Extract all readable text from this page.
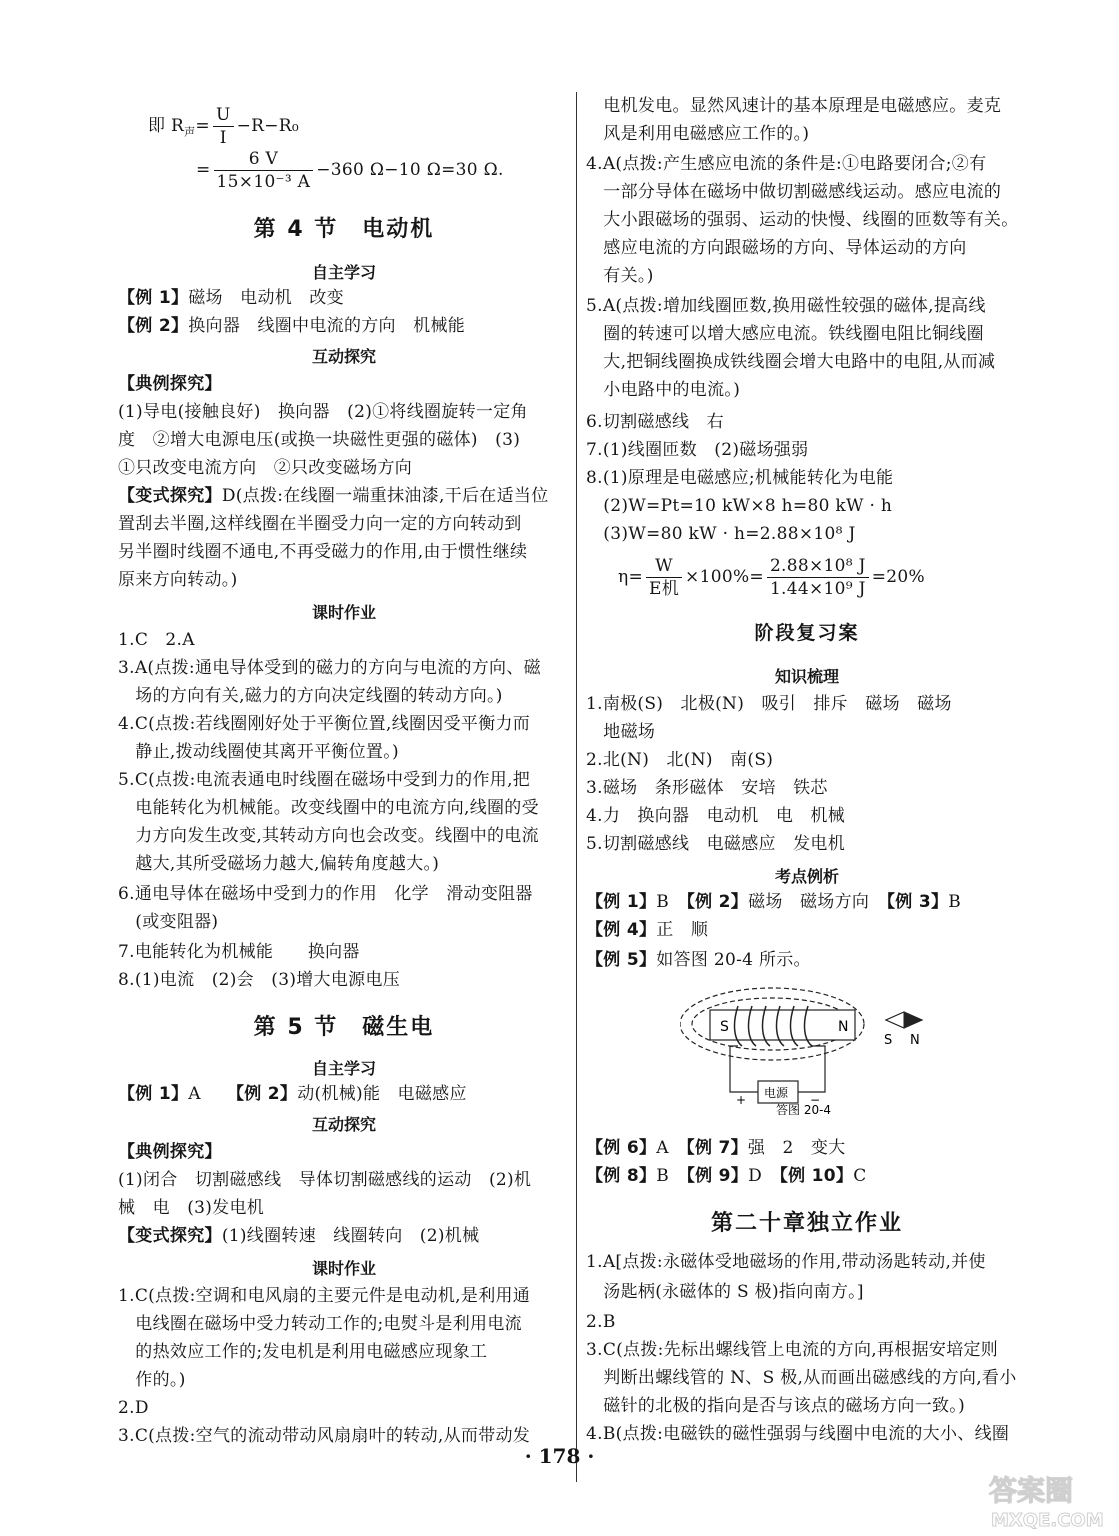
即 $R_声= \frac{U}{I} -R-R_0$
= $\frac{6 V}{\text{15×10⁻³ A}} -360$ Ω−10 Ω=30 Ω.
第 4 节　电动机
自主学习
【例 1】磁场　电动机　改变
【例 2】换向器　线圈中电流的方向　机械能
互动探究
【典例探究】
(1)导电(接触良好)　换向器　(2)①将线圈旋转一定角
度　②增大电源电压(或换一块磁性更强的磁体)　(3)
①只改变电流方向　②只改变磁场方向
【变式探究】D(点拨:在线圈一端重抹油漆,干后在适当位
置刮去半圈,这样线圈在半圈受力向一定的方向转动到
另半圈时线圈不通电,不再受磁力的作用,由于惯性继续
原来方向转动。)
课时作业
1.C　2.A
3.A(点拨:通电导体受到的磁力的方向与电流的方向、磁
　场的方向有关,磁力的方向决定线圈的转动方向。)
4.C(点拨:若线圈刚好处于平衡位置,线圈因受平衡力而
　静止,拨动线圈使其离开平衡位置。)
5.C(点拨:电流表通电时线圈在磁场中受到力的作用,把
　电能转化为机械能。改变线圈中的电流方向,线圈的受
　力方向发生改变,其转动方向也会改变。线圈中的电流
　越大,其所受磁场力越大,偏转角度越大。)
6.通电导体在磁场中受到力的作用　化学　滑动变阻器
　(或变阻器)
7.电能转化为机械能　　换向器
8.(1)电流　(2)会　(3)增大电源电压
第 5 节　磁生电
自主学习
【例 1】A　　【例 2】动(机械)能　电磁感应
互动探究
【典例探究】
(1)闭合　切割磁感线　导体切割磁感线的运动　(2)机
械　电　(3)发电机
【变式探究】(1)线圈转速　线圈转向　(2)机械
课时作业
1.C(点拨:空调和电风扇的主要元件是电动机,是利用通
　电线圈在磁场中受力转动工作的;电熨斗是利用电流
　的热效应工作的;发电机是利用电磁感应现象工
　作的。)
2.D
3.C(点拨:空气的流动带动风扇扇叶的转动,从而带动发
　电机发电。显然风速计的基本原理是电磁感应。麦克
　风是利用电磁感应工作的。)
4.A(点拨:产生感应电流的条件是:①电路要闭合;②有
　一部分导体在磁场中做切割磁感线运动。感应电流的
　大小跟磁场的强弱、运动的快慢、线圈的匝数等有关。
　感应电流的方向跟磁场的方向、导体运动的方向
　有关。)
5.A(点拨:增加线圈匝数,换用磁性较强的磁体,提高线
　圈的转速可以增大感应电流。铁线圈电阻比铜线圈
　大,把铜线圈换成铁线圈会增大电路中的电阻,从而减
　小电路中的电流。)
6.切割磁感线　右
7.(1)线圈匝数　(2)磁场强弱
8.(1)原理是电磁感应;机械能转化为电能
　(2)W=Pt=10 kW×8 h=80 kW · h
　(3)W=80 kW · h=2.88×10⁸ J
$\eta= \frac{W}{\text{E机}} \times 100\%= \frac{\text{2.88×10⁸ J}}{\text{1.44×10⁹ J}} =20\%$
阶段复习案
知识梳理
1.南极(S)　北极(N)　吸引　排斥　磁场　磁场
　地磁场
2.北(N)　北(N)　南(S)
3.磁场　条形磁体　安培　铁芯
4.力　换向器　电动机　电　机械
5.切割磁感线　电磁感应　发电机
考点例析
【例 1】B　【例 2】磁场　磁场方向　【例 3】B
【例 4】正　顺
【例 5】如答图 20-4 所示。
【例 6】A　【例 7】强　2　变大
【例 8】B　【例 9】D　【例 10】C
第二十章独立作业
1.A[点拨:永磁体受地磁场的作用,带动汤匙转动,并使
　汤匙柄(永磁体的 S 极)指向南方。]
2.B
3.C(点拨:先标出螺线管上电流的方向,再根据安培定则
　判断出螺线管的 N、S 极,从而画出磁感线的方向,看小
　磁针的北极的指向是否与该点的磁场方向一致。)
4.B(点拨:电磁铁的磁性强弱与线圈中电流的大小、线圈
S	N
S N
电源
+	−
答图 20-4
· 178 ·
答案圈
MXQE.COM
